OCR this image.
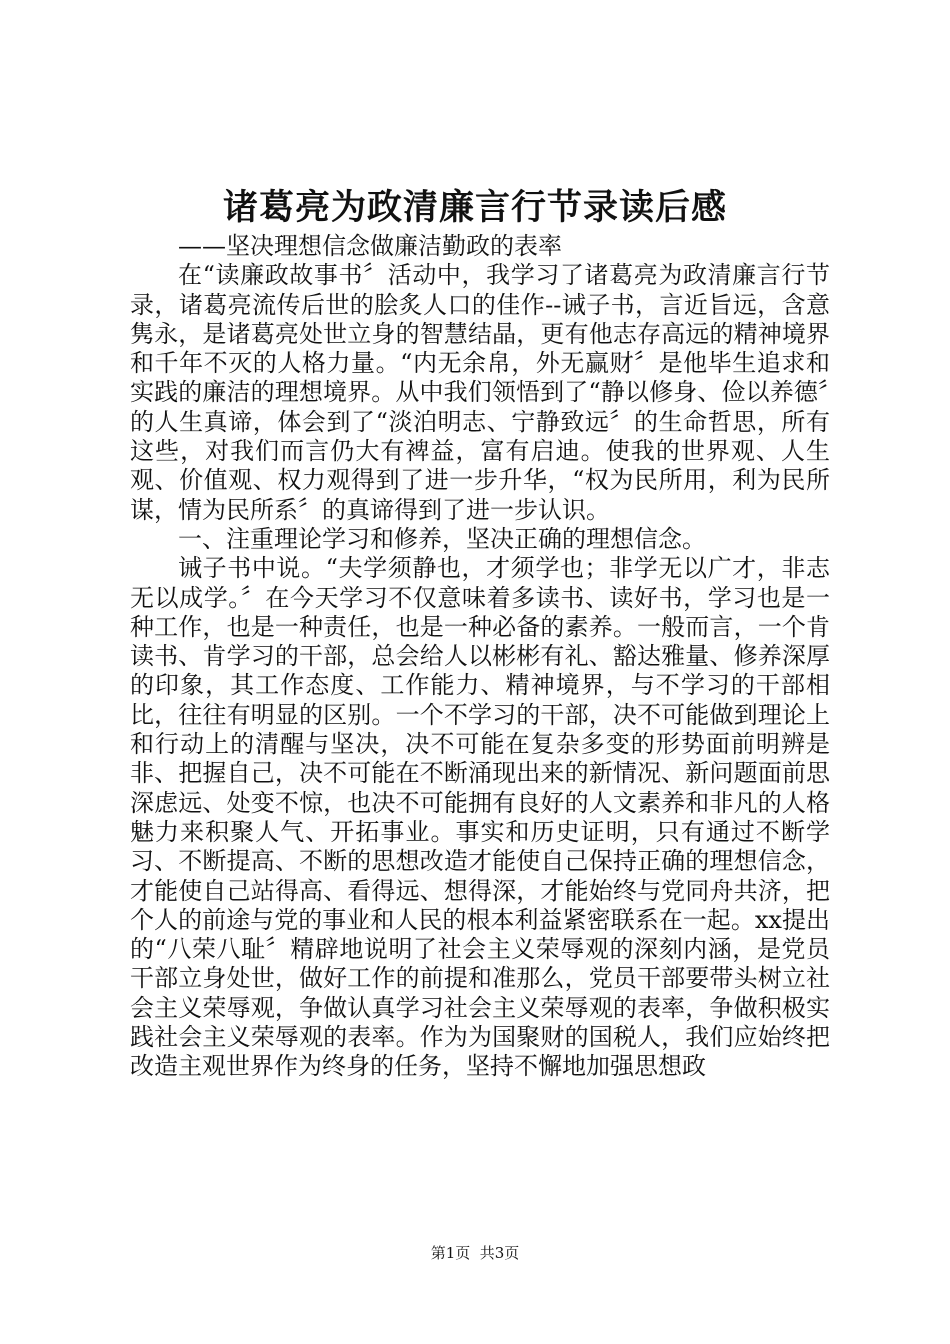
诸葛亮为政清廉言行节录读后感

——坚决理想信念做廉洁勤政的表率

在“读廉政故事书〞活动中，我学习了诸葛亮为政清廉言行节录，诸葛亮流传后世的脍炙人口的佳作--诫子书，言近旨远，含意隽永，是诸葛亮处世立身的智慧结晶，更有他志存高远的精神境界和千年不灭的人格力量。“内无余帛，外无赢财〞是他毕生追求和实践的廉洁的理想境界。从中我们领悟到了“静以修身、俭以养德〞的人生真谛，体会到了“淡泊明志、宁静致远〞的生命哲思，所有这些，对我们而言仍大有裨益，富有启迪。使我的世界观、人生观、价值观、权力观得到了进一步升华，“权为民所用，利为民所谋，情为民所系〞的真谛得到了进一步认识。

一、注重理论学习和修养，坚决正确的理想信念。

诫子书中说。“夫学须静也，才须学也；非学无以广才，非志无以成学。〞在今天学习不仅意味着多读书、读好书，学习也是一种工作，也是一种责任，也是一种必备的素养。一般而言，一个肯读书、肯学习的干部，总会给人以彬彬有礼、豁达雅量、修养深厚的印象，其工作态度、工作能力、精神境界，与不学习的干部相比，往往有明显的区别。一个不学习的干部，决不可能做到理论上和行动上的清醒与坚决，决不可能在复杂多变的形势面前明辨是非、把握自己，决不可能在不断涌现出来的新情况、新问题面前思深虑远、处变不惊，也决不可能拥有良好的人文素养和非凡的人格魅力来积聚人气、开拓事业。事实和历史证明，只有通过不断学习、不断提高、不断的思想改造才能使自己保持正确的理想信念，才能使自己站得高、看得远、想得深，才能始终与党同舟共济，把个人的前途与党的事业和人民的根本利益紧密联系在一起。xx提出的“八荣八耻〞精辟地说明了社会主义荣辱观的深刻内涵，是党员干部立身处世，做好工作的前提和准那么，党员干部要带头树立社会主义荣辱观，争做认真学习社会主义荣辱观的表率，争做积极实践社会主义荣辱观的表率。作为为国聚财的国税人，我们应始终把改造主观世界作为终身的任务，坚持不懈地加强思想政

第1页  共3页
